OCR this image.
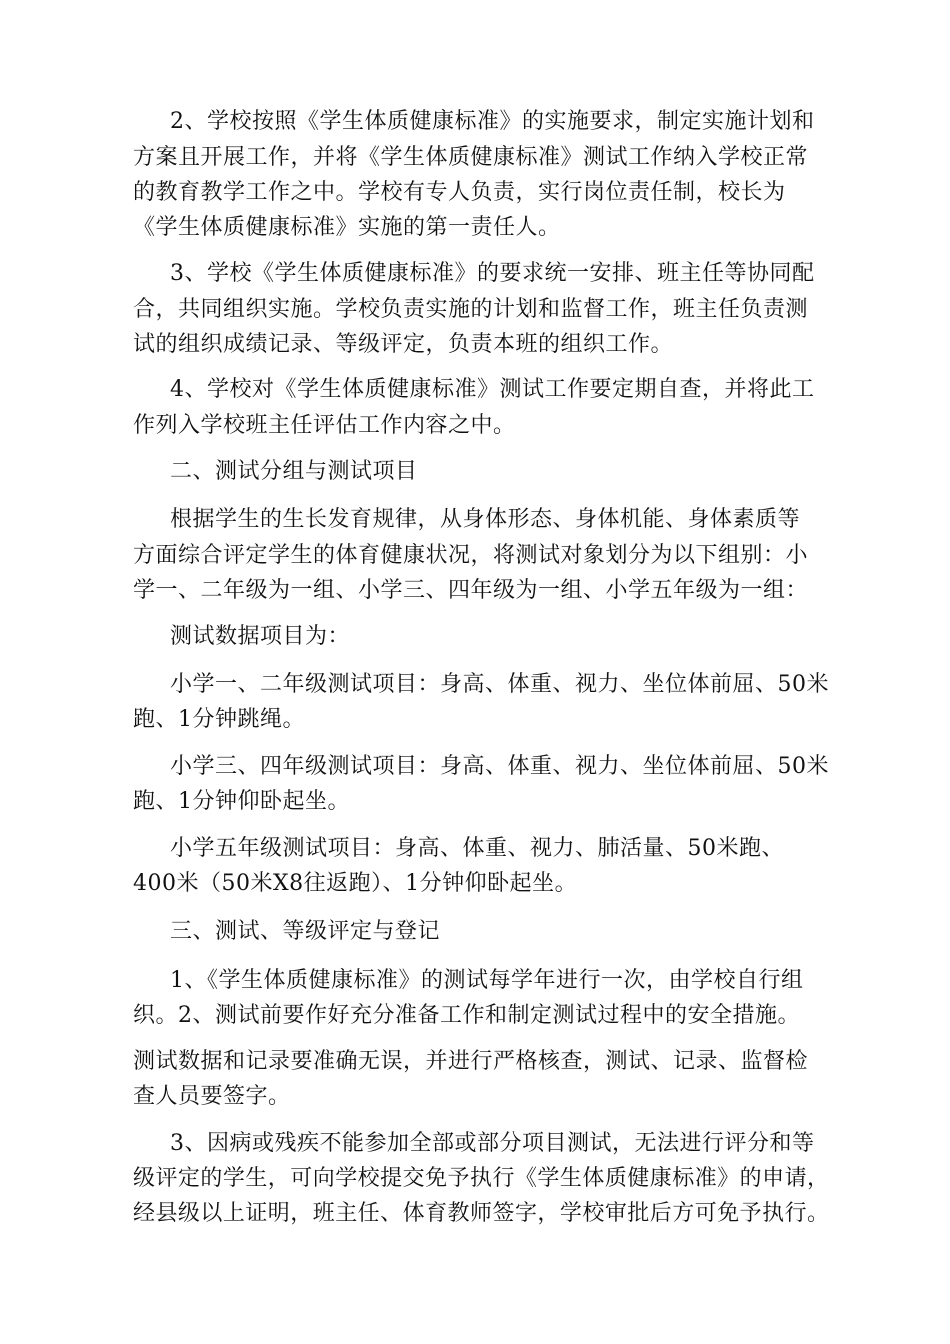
2、学校按照《学生体质健康标准》的实施要求，制定实施计划和
方案且开展工作，并将《学生体质健康标准》测试工作纳入学校正常
的教育教学工作之中。学校有专人负责，实行岗位责任制，校长为
《学生体质健康标准》实施的第一责任人。
3、学校《学生体质健康标准》的要求统一安排、班主任等协同配
合，共同组织实施。学校负责实施的计划和监督工作，班主任负责测
试的组织成绩记录、等级评定，负责本班的组织工作。
4、学校对《学生体质健康标准》测试工作要定期自查，并将此工
作列入学校班主任评估工作内容之中。
二、测试分组与测试项目
根据学生的生长发育规律，从身体形态、身体机能、身体素质等
方面综合评定学生的体育健康状况，将测试对象划分为以下组别：小
学一、二年级为一组、小学三、四年级为一组、小学五年级为一组：
测试数据项目为：
小学一、二年级测试项目：身高、体重、视力、坐位体前屈、50米
跑、1分钟跳绳。
小学三、四年级测试项目：身高、体重、视力、坐位体前屈、50米
跑、1分钟仰卧起坐。
小学五年级测试项目：身高、体重、视力、肺活量、50米跑、
400米（50米X8往返跑）、1分钟仰卧起坐。
三、测试、等级评定与登记
1、《学生体质健康标准》的测试每学年进行一次，由学校自行组
织。2、测试前要作好充分准备工作和制定测试过程中的安全措施。
测试数据和记录要准确无误，并进行严格核查，测试、记录、监督检
查人员要签字。
3、因病或残疾不能参加全部或部分项目测试，无法进行评分和等
级评定的学生，可向学校提交免予执行《学生体质健康标准》的申请，
经县级以上证明，班主任、体育教师签字，学校审批后方可免予执行。
